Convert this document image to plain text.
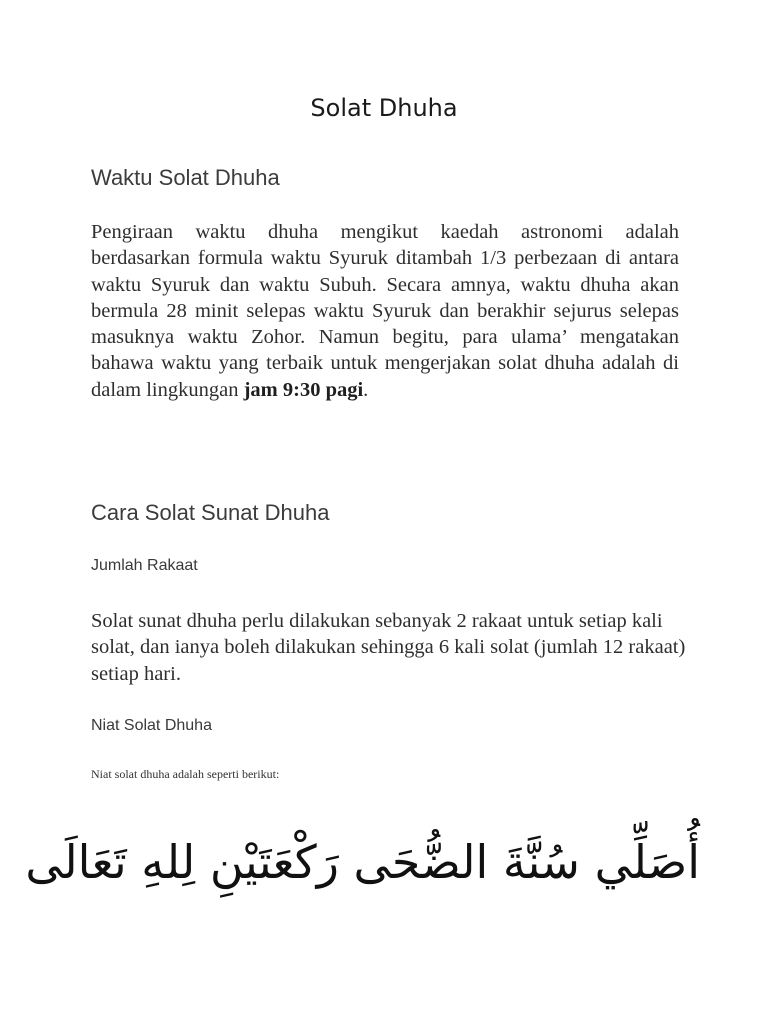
Solat Dhuha
Waktu Solat Dhuha

Pengiraan waktu dhuha mengikut kaedah astronomi adalah berdasarkan formula waktu Syuruk ditambah 1/3 perbezaan di antara waktu Syuruk dan waktu Subuh. Secara amnya, waktu dhuha akan bermula 28 minit selepas waktu Syuruk dan berakhir sejurus selepas masuknya waktu Zohor. Namun begitu, para ulama’ mengatakan bahawa waktu yang terbaik untuk mengerjakan solat dhuha adalah di dalam lingkungan jam 9:30 pagi.

Cara Solat Sunat Dhuha
Jumlah Rakaat

Solat sunat dhuha perlu dilakukan sebanyak 2 rakaat untuk setiap kali solat, dan ianya boleh dilakukan sehingga 6 kali solat (jumlah 12 rakaat) setiap hari.

Niat Solat Dhuha

Niat solat dhuha adalah seperti berikut:

أُصَلِّي سُنَّةَ الضُّحَى رَكْعَتَيْنِ لِلهِ تَعَالَى
